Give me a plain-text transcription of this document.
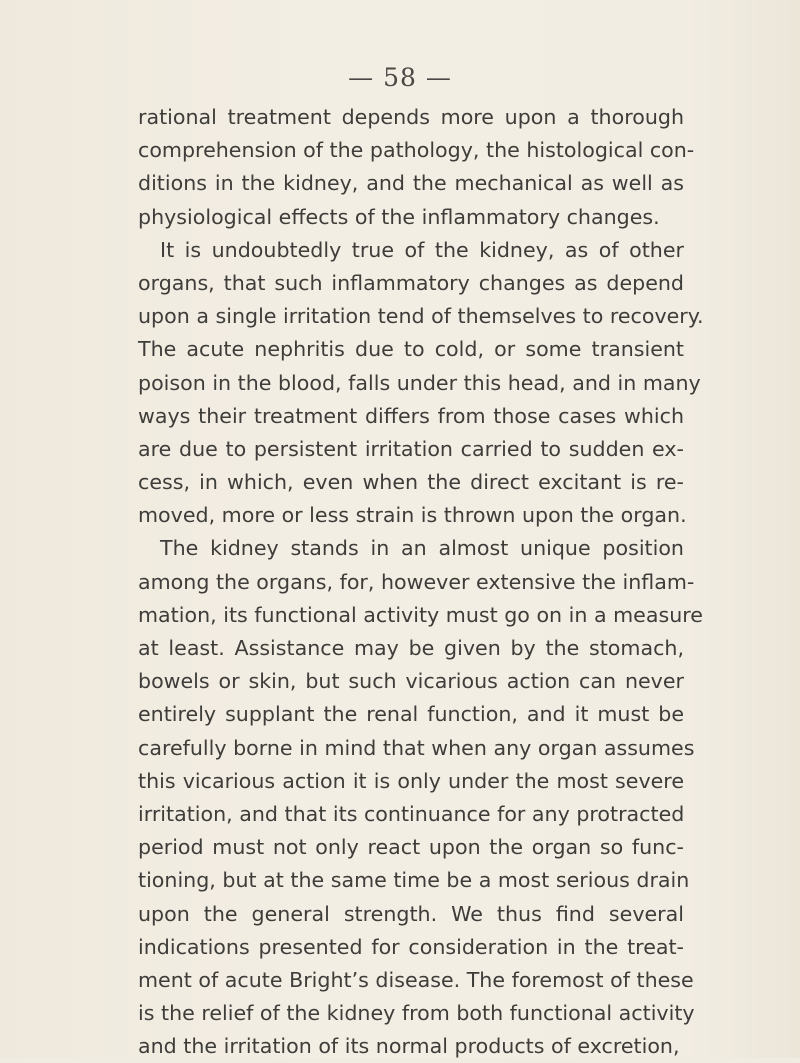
— 58 —
rational treatment depends more upon a thorough
comprehension of the pathology, the histological con-
ditions in the kidney, and the mechanical as well as
physiological effects of the inflammatory changes.
It is undoubtedly true of the kidney, as of other
organs, that such inflammatory changes as depend
upon a single irritation tend of themselves to recovery.
The acute nephritis due to cold, or some transient
poison in the blood, falls under this head, and in many
ways their treatment differs from those cases which
are due to persistent irritation carried to sudden ex-
cess, in which, even when the direct excitant is re-
moved, more or less strain is thrown upon the organ.
The kidney stands in an almost unique position
among the organs, for, however extensive the inflam-
mation, its functional activity must go on in a measure
at least. Assistance may be given by the stomach,
bowels or skin, but such vicarious action can never
entirely supplant the renal function, and it must be
carefully borne in mind that when any organ assumes
this vicarious action it is only under the most severe
irritation, and that its continuance for any protracted
period must not only react upon the organ so func-
tioning, but at the same time be a most serious drain
upon the general strength. We thus find several
indications presented for consideration in the treat-
ment of acute Bright’s disease. The foremost of these
is the relief of the kidney from both functional activity
and the irritation of its normal products of excretion,
